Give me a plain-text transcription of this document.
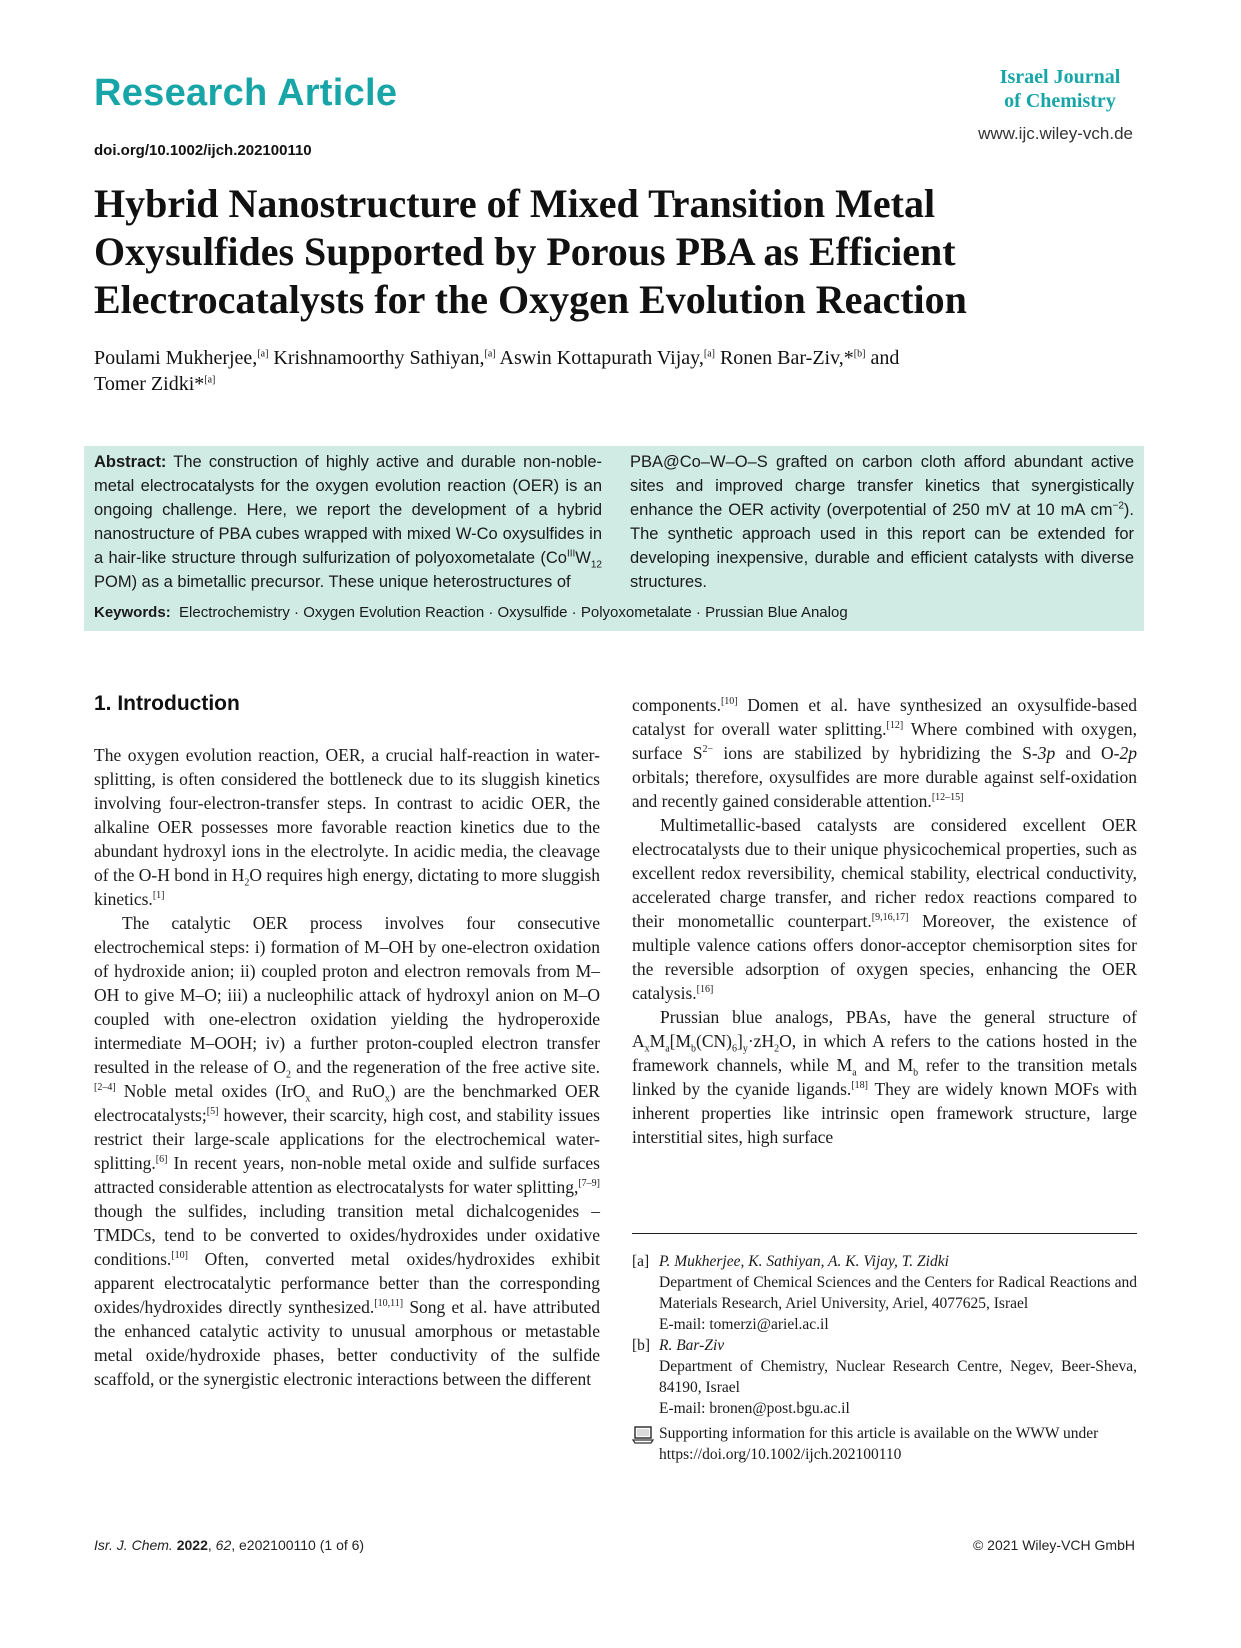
Research Article
doi.org/10.1002/ijch.202100110
Israel Journal
of Chemistry
www.ijc.wiley-vch.de
Hybrid Nanostructure of Mixed Transition Metal Oxysulfides Supported by Porous PBA as Efficient Electrocatalysts for the Oxygen Evolution Reaction
Poulami Mukherjee,[a] Krishnamoorthy Sathiyan,[a] Aswin Kottapurath Vijay,[a] Ronen Bar-Ziv,*[b] and
Tomer Zidki*[a]
Abstract: The construction of highly active and durable non-noble-metal electrocatalysts for the oxygen evolution reaction (OER) is an ongoing challenge. Here, we report the development of a hybrid nanostructure of PBA cubes wrapped with mixed W-Co oxysulfides in a hair-like structure through sulfurization of polyoxometalate ($Co^{III}W_{12}$ POM) as a bimetallic precursor. These unique heterostructures of
PBA@Co–W–O–S grafted on carbon cloth afford abundant active sites and improved charge transfer kinetics that synergistically enhance the OER activity (overpotential of 250 mV at 10 mA $cm^{-2}$). The synthetic approach used in this report can be extended for developing inexpensive, durable and efficient catalysts with diverse structures.
Keywords: Electrochemistry · Oxygen Evolution Reaction · Oxysulfide · Polyoxometalate · Prussian Blue Analog
1. Introduction

The oxygen evolution reaction, OER, a crucial half-reaction in water-splitting, is often considered the bottleneck due to its sluggish kinetics involving four-electron-transfer steps. In contrast to acidic OER, the alkaline OER possesses more favorable reaction kinetics due to the abundant hydroxyl ions in the electrolyte. In acidic media, the cleavage of the O-H bond in $H_2O$ requires high energy, dictating to more sluggish kinetics.[1]

The catalytic OER process involves four consecutive electrochemical steps: i) formation of M–OH by one-electron oxidation of hydroxide anion; ii) coupled proton and electron removals from M–OH to give M–O; iii) a nucleophilic attack of hydroxyl anion on M–O coupled with one-electron oxidation yielding the hydroperoxide intermediate M–OOH; iv) a further proton-coupled electron transfer resulted in the release of $O_2$ and the regeneration of the free active site.[2–4] Noble metal oxides (IrO$_x$ and RuO$_x$) are the benchmarked OER electrocatalysts;[5] however, their scarcity, high cost, and stability issues restrict their large-scale applications for the electrochemical water-splitting.[6] In recent years, non-noble metal oxide and sulfide surfaces attracted considerable attention as electrocatalysts for water splitting,[7–9] though the sulfides, including transition metal dichalcogenides – TMDCs, tend to be converted to oxides/hydroxides under oxidative conditions.[10] Often, converted metal oxides/hydroxides exhibit apparent electrocatalytic performance better than the corresponding oxides/hydroxides directly synthesized.[10,11] Song et al. have attributed the enhanced catalytic activity to unusual amorphous or metastable metal oxide/hydroxide phases, better conductivity of the sulfide scaffold, or the synergistic electronic interactions between the different

components.[10] Domen et al. have synthesized an oxysulfide-based catalyst for overall water splitting.[12] Where combined with oxygen, surface $S^{2-}$ ions are stabilized by hybridizing the S-3p and O-2p orbitals; therefore, oxysulfides are more durable against self-oxidation and recently gained considerable attention.[12–15]

Multimetallic-based catalysts are considered excellent OER electrocatalysts due to their unique physicochemical properties, such as excellent redox reversibility, chemical stability, electrical conductivity, accelerated charge transfer, and richer redox reactions compared to their monometallic counterpart.[9,16,17] Moreover, the existence of multiple valence cations offers donor-acceptor chemisorption sites for the reversible adsorption of oxygen species, enhancing the OER catalysis.[16]

Prussian blue analogs, PBAs, have the general structure of $A_xM_a[M_b(CN)_6]_y\cdot zH_2O$, in which A refers to the cations hosted in the framework channels, while $M_a$ and $M_b$ refer to the transition metals linked by the cyanide ligands.[18] They are widely known MOFs with inherent properties like intrinsic open framework structure, large interstitial sites, high surface

[a] P. Mukherjee, K. Sathiyan, A. K. Vijay, T. Zidki
Department of Chemical Sciences and the Centers for Radical Reactions and Materials Research, Ariel University, Ariel, 4077625, Israel
E-mail: tomerzi@ariel.ac.il
[b] R. Bar-Ziv
Department of Chemistry, Nuclear Research Centre, Negev, Beer-Sheva, 84190, Israel
E-mail: bronen@post.bgu.ac.il
Supporting information for this article is available on the WWW under https://doi.org/10.1002/ijch.202100110
Isr. J. Chem. 2022, 62, e202100110 (1 of 6)	© 2021 Wiley-VCH GmbH
